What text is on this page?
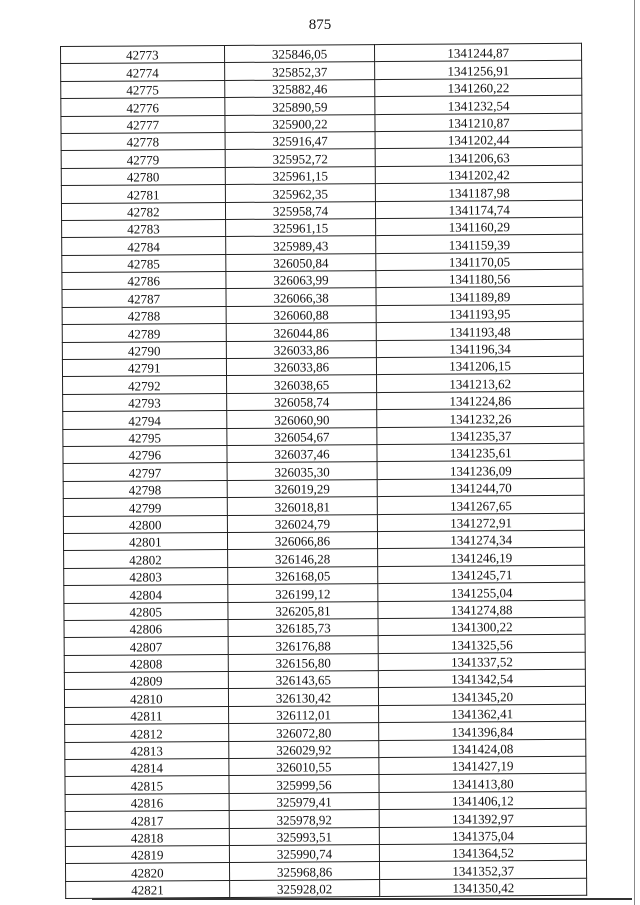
875
42773	325846,05	1341244,87
42774	325852,37	1341256,91
42775	325882,46	1341260,22
42776	325890,59	1341232,54
42777	325900,22	1341210,87
42778	325916,47	1341202,44
42779	325952,72	1341206,63
42780	325961,15	1341202,42
42781	325962,35	1341187,98
42782	325958,74	1341174,74
42783	325961,15	1341160,29
42784	325989,43	1341159,39
42785	326050,84	1341170,05
42786	326063,99	1341180,56
42787	326066,38	1341189,89
42788	326060,88	1341193,95
42789	326044,86	1341193,48
42790	326033,86	1341196,34
42791	326033,86	1341206,15
42792	326038,65	1341213,62
42793	326058,74	1341224,86
42794	326060,90	1341232,26
42795	326054,67	1341235,37
42796	326037,46	1341235,61
42797	326035,30	1341236,09
42798	326019,29	1341244,70
42799	326018,81	1341267,65
42800	326024,79	1341272,91
42801	326066,86	1341274,34
42802	326146,28	1341246,19
42803	326168,05	1341245,71
42804	326199,12	1341255,04
42805	326205,81	1341274,88
42806	326185,73	1341300,22
42807	326176,88	1341325,56
42808	326156,80	1341337,52
42809	326143,65	1341342,54
42810	326130,42	1341345,20
42811	326112,01	1341362,41
42812	326072,80	1341396,84
42813	326029,92	1341424,08
42814	326010,55	1341427,19
42815	325999,56	1341413,80
42816	325979,41	1341406,12
42817	325978,92	1341392,97
42818	325993,51	1341375,04
42819	325990,74	1341364,52
42820	325968,86	1341352,37
42821	325928,02	1341350,42
